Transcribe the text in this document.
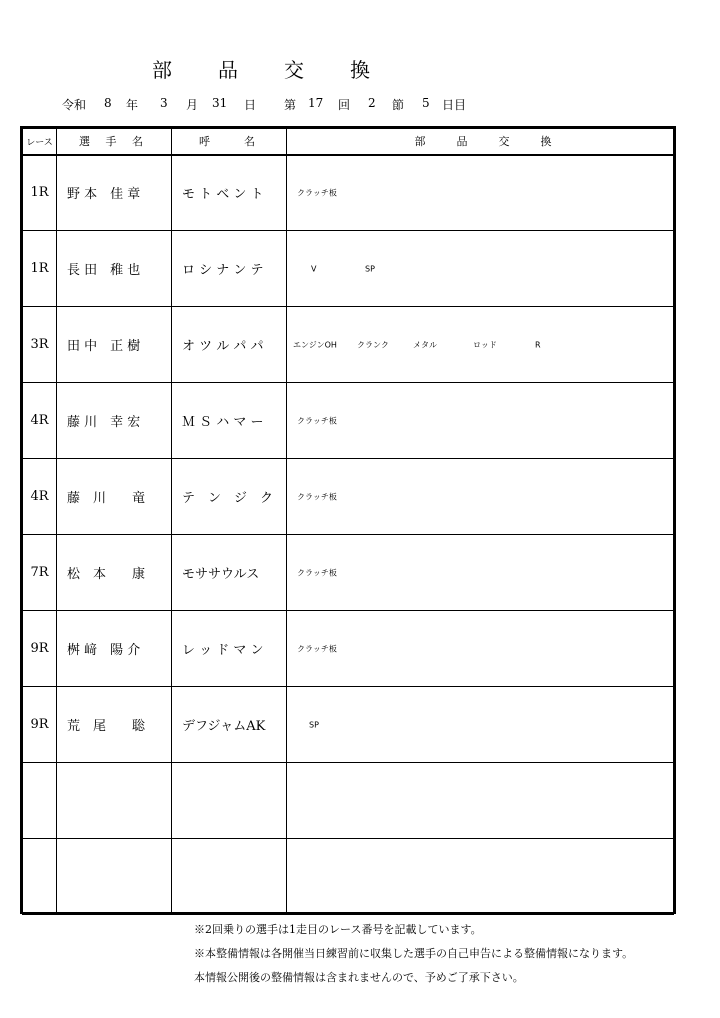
部 品 交 換
令和 8 年 3 月 31 日 第 17 回 2 節 5 日目
レース	選 手 名	呼　　名	部 品 交 換

1R	野 本　佳 章	モ ト ベ ン ト	クラッチ板

1R	長 田　稚 也	ロ シ ナ ン テ	V SP

3R	田 中　正 樹	オ ツ ル パ パ	エンジンOH クランク メタル ロッド R

4R	藤 川　幸 宏	Ｍ Ｓ ハ マ ー	クラッチ板

4R	藤　川　　竜	テ　ン　ジ　ク	クラッチ板

7R	松　本　　康	モササウルス	クラッチ板

9R	桝 﨑　陽 介	レ ッ ド マ ン	クラッチ板

9R	荒　尾　　聡	デフジャムAK	SP

※2回乗りの選手は1走目のレース番号を記載しています。
※本整備情報は各開催当日練習前に収集した選手の自己申告による整備情報になります。
本情報公開後の整備情報は含まれませんので、予めご了承下さい。
